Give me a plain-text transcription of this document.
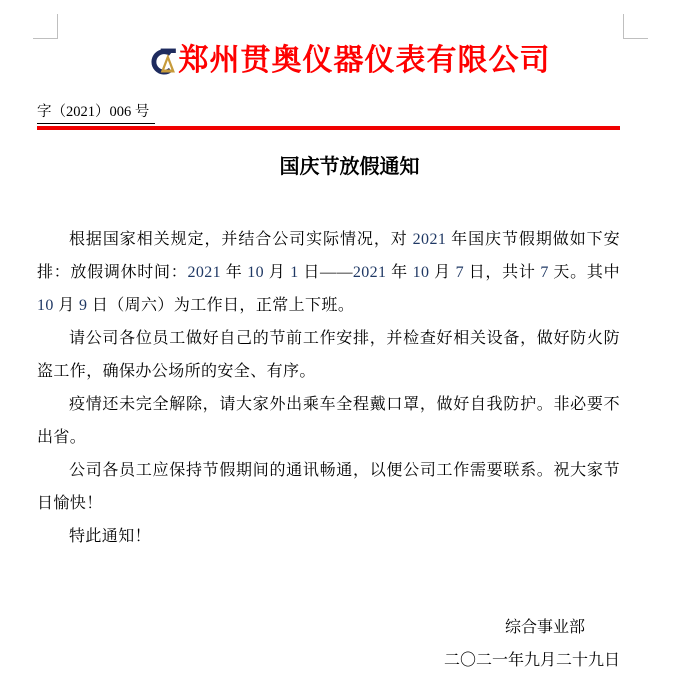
郑州贯奥仪器仪表有限公司
字（2021）006 号
国庆节放假通知

根据国家相关规定，并结合公司实际情况，对 2021 年国庆节假期做如下安排：放假调休时间：2021 年 10 月 1 日——2021 年 10 月 7 日，共计 7 天。其中 10 月 9 日（周六）为工作日，正常上下班。

请公司各位员工做好自己的节前工作安排，并检查好相关设备，做好防火防盗工作，确保办公场所的安全、有序。

疫情还未完全解除，请大家外出乘车全程戴口罩，做好自我防护。非必要不出省。

公司各员工应保持节假期间的通讯畅通，以便公司工作需要联系。祝大家节日愉快！

特此通知！

综合事业部
二〇二一年九月二十九日
